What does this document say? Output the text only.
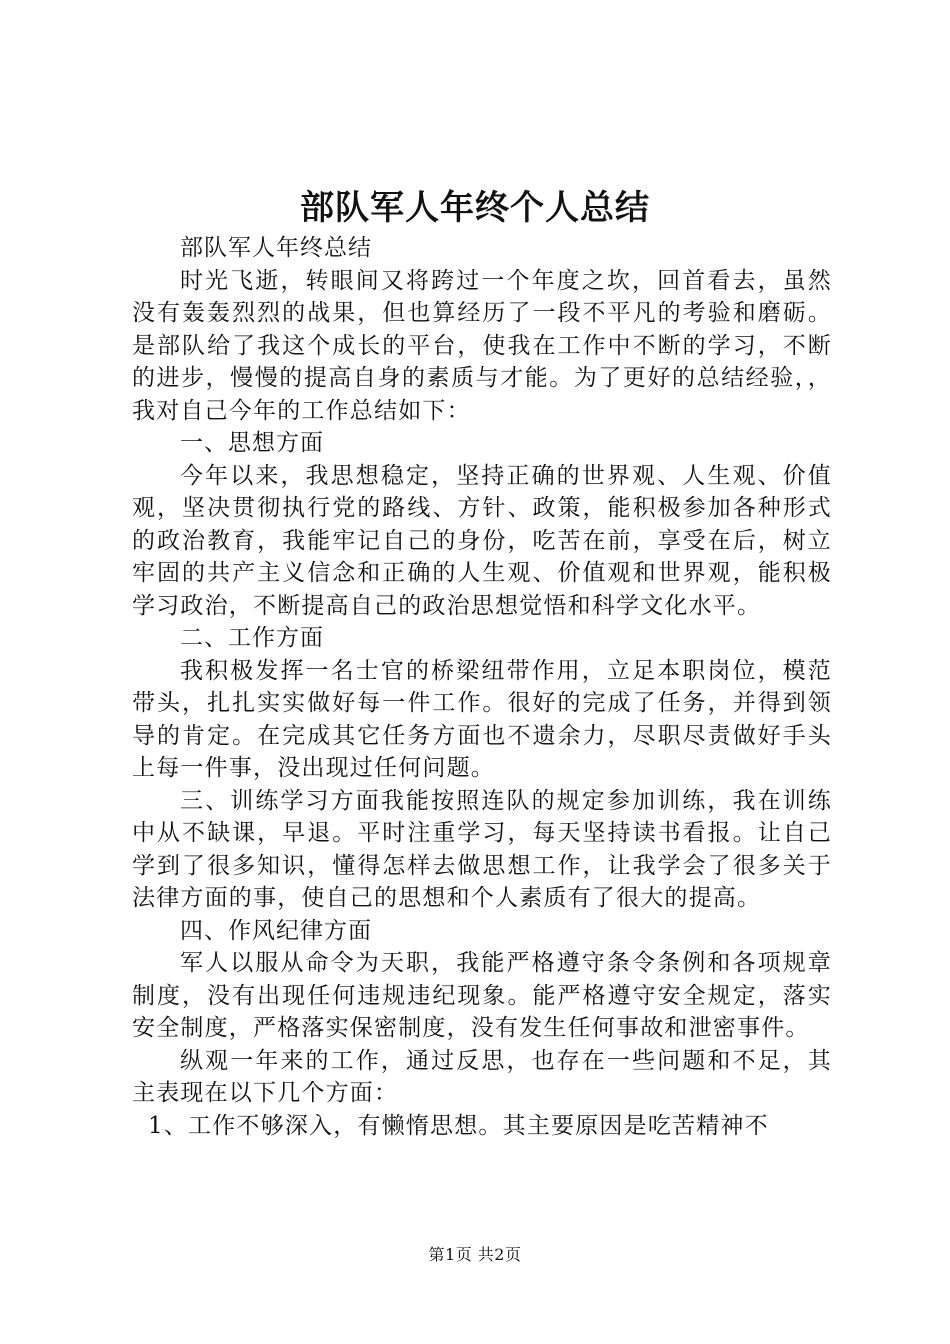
部队军人年终个人总结

部队军人年终总结

时光飞逝，转眼间又将跨过一个年度之坎，回首看去，虽然没有轰轰烈烈的战果，但也算经历了一段不平凡的考验和磨砺。是部队给了我这个成长的平台，使我在工作中不断的学习，不断的进步，慢慢的提高自身的素质与才能。为了更好的总结经验，，我对自己今年的工作总结如下：

一、思想方面

今年以来，我思想稳定，坚持正确的世界观、人生观、价值观，坚决贯彻执行党的路线、方针、政策，能积极参加各种形式的政治教育，我能牢记自己的身份，吃苦在前，享受在后，树立牢固的共产主义信念和正确的人生观、价值观和世界观，能积极学习政治，不断提高自己的政治思想觉悟和科学文化水平。

二、工作方面

我积极发挥一名士官的桥梁纽带作用，立足本职岗位，模范带头，扎扎实实做好每一件工作。很好的完成了任务，并得到领导的肯定。在完成其它任务方面也不遗余力，尽职尽责做好手头上每一件事，没出现过任何问题。

三、训练学习方面我能按照连队的规定参加训练，我在训练中从不缺课，早退。平时注重学习，每天坚持读书看报。让自己学到了很多知识，懂得怎样去做思想工作，让我学会了很多关于法律方面的事，使自己的思想和个人素质有了很大的提高。

四、作风纪律方面

军人以服从命令为天职，我能严格遵守条令条例和各项规章制度，没有出现任何违规违纪现象。能严格遵守安全规定，落实安全制度，严格落实保密制度，没有发生任何事故和泄密事件。

纵观一年来的工作，通过反思，也存在一些问题和不足，其主表现在以下几个方面：

1、工作不够深入，有懒惰思想。其主要原因是吃苦精神不

第1页 共2页
